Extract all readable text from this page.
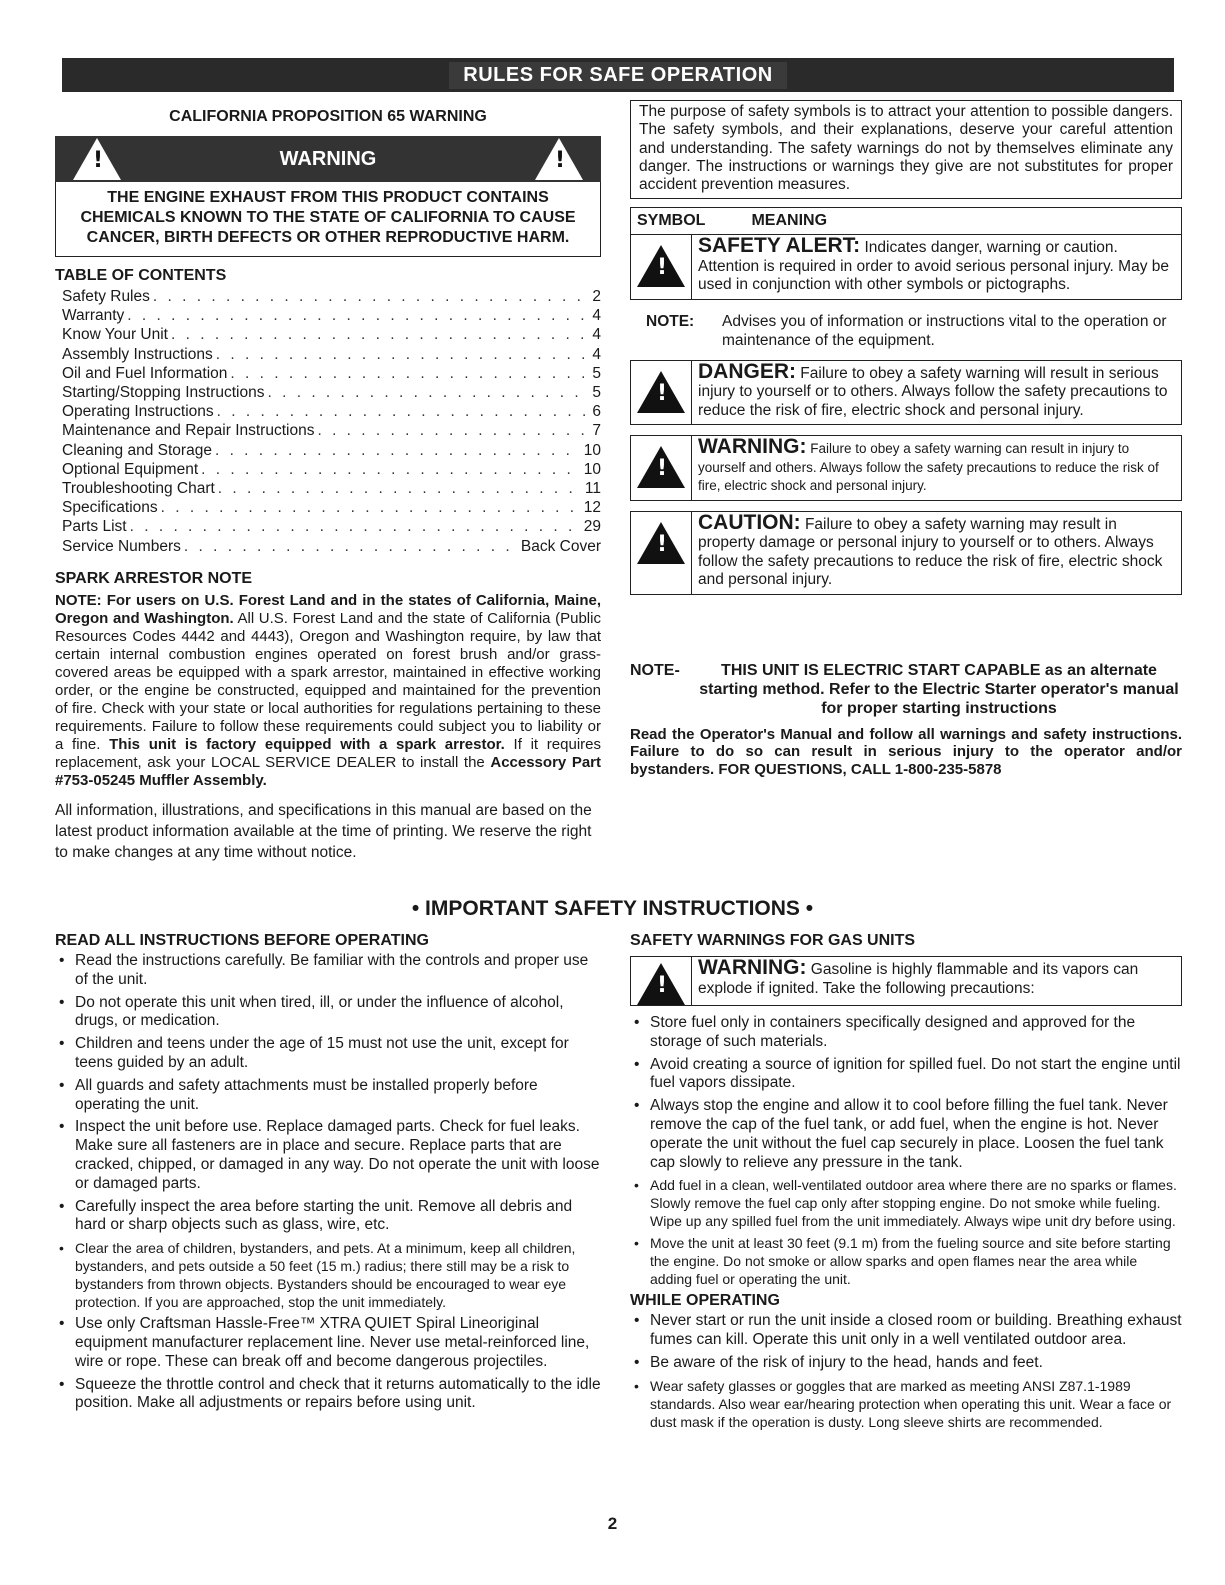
RULES FOR SAFE OPERATION
CALIFORNIA PROPOSITION 65 WARNING
!
WARNING
!
THE ENGINE EXHAUST FROM THIS PRODUCT CONTAINS CHEMICALS KNOWN TO THE STATE OF CALIFORNIA TO CAUSE CANCER, BIRTH DEFECTS OR OTHER REPRODUCTIVE HARM.
TABLE OF CONTENTS
Safety Rules . . .	2
Warranty . . .	4
Know Your Unit . . .	4
Assembly Instructions . . .	4
Oil and Fuel Information . . .	5
Starting/Stopping Instructions . . .	5
Operating Instructions . . .	6
Maintenance and Repair Instructions . . .	7
Cleaning and Storage . . .	10
Optional Equipment . . .	10
Troubleshooting Chart . . .	11
Specifications . . .	12
Parts List . . .	29
Service Numbers . . .	Back Cover
SPARK ARRESTOR NOTE

NOTE: For users on U.S. Forest Land and in the states of California, Maine, Oregon and Washington. All U.S. Forest Land and the state of California (Public Resources Codes 4442 and 4443), Oregon and Washington require, by law that certain internal combustion engines operated on forest brush and/or grass-covered areas be equipped with a spark arrestor, maintained in effective working order, or the engine be constructed, equipped and maintained for the prevention of fire. Check with your state or local authorities for regulations pertaining to these requirements. Failure to follow these requirements could subject you to liability or a fine. This unit is factory equipped with a spark arrestor. If it requires replacement, ask your LOCAL SERVICE DEALER to install the Accessory Part #753-05245 Muffler Assembly.

All information, illustrations, and specifications in this manual are based on the latest product information available at the time of printing. We reserve the right to make changes at any time without notice.

The purpose of safety symbols is to attract your attention to possible dangers. The safety symbols, and their explanations, deserve your careful attention and understanding. The safety warnings do not by themselves eliminate any danger. The instructions or warnings they give are not substitutes for proper accident prevention measures.
SYMBOL	MEANING
!
SAFETY ALERT: Indicates danger, warning or caution. Attention is required in order to avoid serious personal injury. May be used in conjunction with other symbols or pictographs.
NOTE:	Advises you of information or instructions vital to the operation or maintenance of the equipment.
!
DANGER: Failure to obey a safety warning will result in serious injury to yourself or to others. Always follow the safety precautions to reduce the risk of fire, electric shock and personal injury.
!
WARNING: Failure to obey a safety warning can result in injury to yourself and others. Always follow the safety precautions to reduce the risk of fire, electric shock and personal injury.
!
CAUTION: Failure to obey a safety warning may result in property damage or personal injury to yourself or to others. Always follow the safety precautions to reduce the risk of fire, electric shock and personal injury.
NOTE-	THIS UNIT IS ELECTRIC START CAPABLE as an alternate starting method. Refer to the Electric Starter operator's manual for proper starting instructions
Read the Operator's Manual and follow all warnings and safety instructions. Failure to do so can result in serious injury to the operator and/or bystanders. FOR QUESTIONS, CALL 1-800-235-5878
• IMPORTANT SAFETY INSTRUCTIONS •
READ ALL INSTRUCTIONS BEFORE OPERATING
• Read the instructions carefully. Be familiar with the controls and proper use of the unit.
• Do not operate this unit when tired, ill, or under the influence of alcohol, drugs, or medication.
• Children and teens under the age of 15 must not use the unit, except for teens guided by an adult.
• All guards and safety attachments must be installed properly before operating the unit.
• Inspect the unit before use. Replace damaged parts. Check for fuel leaks. Make sure all fasteners are in place and secure. Replace parts that are cracked, chipped, or damaged in any way. Do not operate the unit with loose or damaged parts.
• Carefully inspect the area before starting the unit. Remove all debris and hard or sharp objects such as glass, wire, etc.
• Clear the area of children, bystanders, and pets. At a minimum, keep all children, bystanders, and pets outside a 50 feet (15 m.) radius; there still may be a risk to bystanders from thrown objects. Bystanders should be encouraged to wear eye protection. If you are approached, stop the unit immediately.
• Use only Craftsman Hassle-Free™ XTRA QUIET Spiral Lineoriginal equipment manufacturer replacement line. Never use metal-reinforced line, wire or rope. These can break off and become dangerous projectiles.
• Squeeze the throttle control and check that it returns automatically to the idle position. Make all adjustments or repairs before using unit.
SAFETY WARNINGS FOR GAS UNITS
!
WARNING: Gasoline is highly flammable and its vapors can explode if ignited. Take the following precautions:
• Store fuel only in containers specifically designed and approved for the storage of such materials.
• Avoid creating a source of ignition for spilled fuel. Do not start the engine until fuel vapors dissipate.
• Always stop the engine and allow it to cool before filling the fuel tank. Never remove the cap of the fuel tank, or add fuel, when the engine is hot. Never operate the unit without the fuel cap securely in place. Loosen the fuel tank cap slowly to relieve any pressure in the tank.
• Add fuel in a clean, well-ventilated outdoor area where there are no sparks or flames. Slowly remove the fuel cap only after stopping engine. Do not smoke while fueling. Wipe up any spilled fuel from the unit immediately. Always wipe unit dry before using.
• Move the unit at least 30 feet (9.1 m) from the fueling source and site before starting the engine. Do not smoke or allow sparks and open flames near the area while adding fuel or operating the unit.
WHILE OPERATING
• Never start or run the unit inside a closed room or building. Breathing exhaust fumes can kill. Operate this unit only in a well ventilated outdoor area.
• Be aware of the risk of injury to the head, hands and feet.
• Wear safety glasses or goggles that are marked as meeting ANSI Z87.1-1989 standards. Also wear ear/hearing protection when operating this unit. Wear a face or dust mask if the operation is dusty. Long sleeve shirts are recommended.
2
